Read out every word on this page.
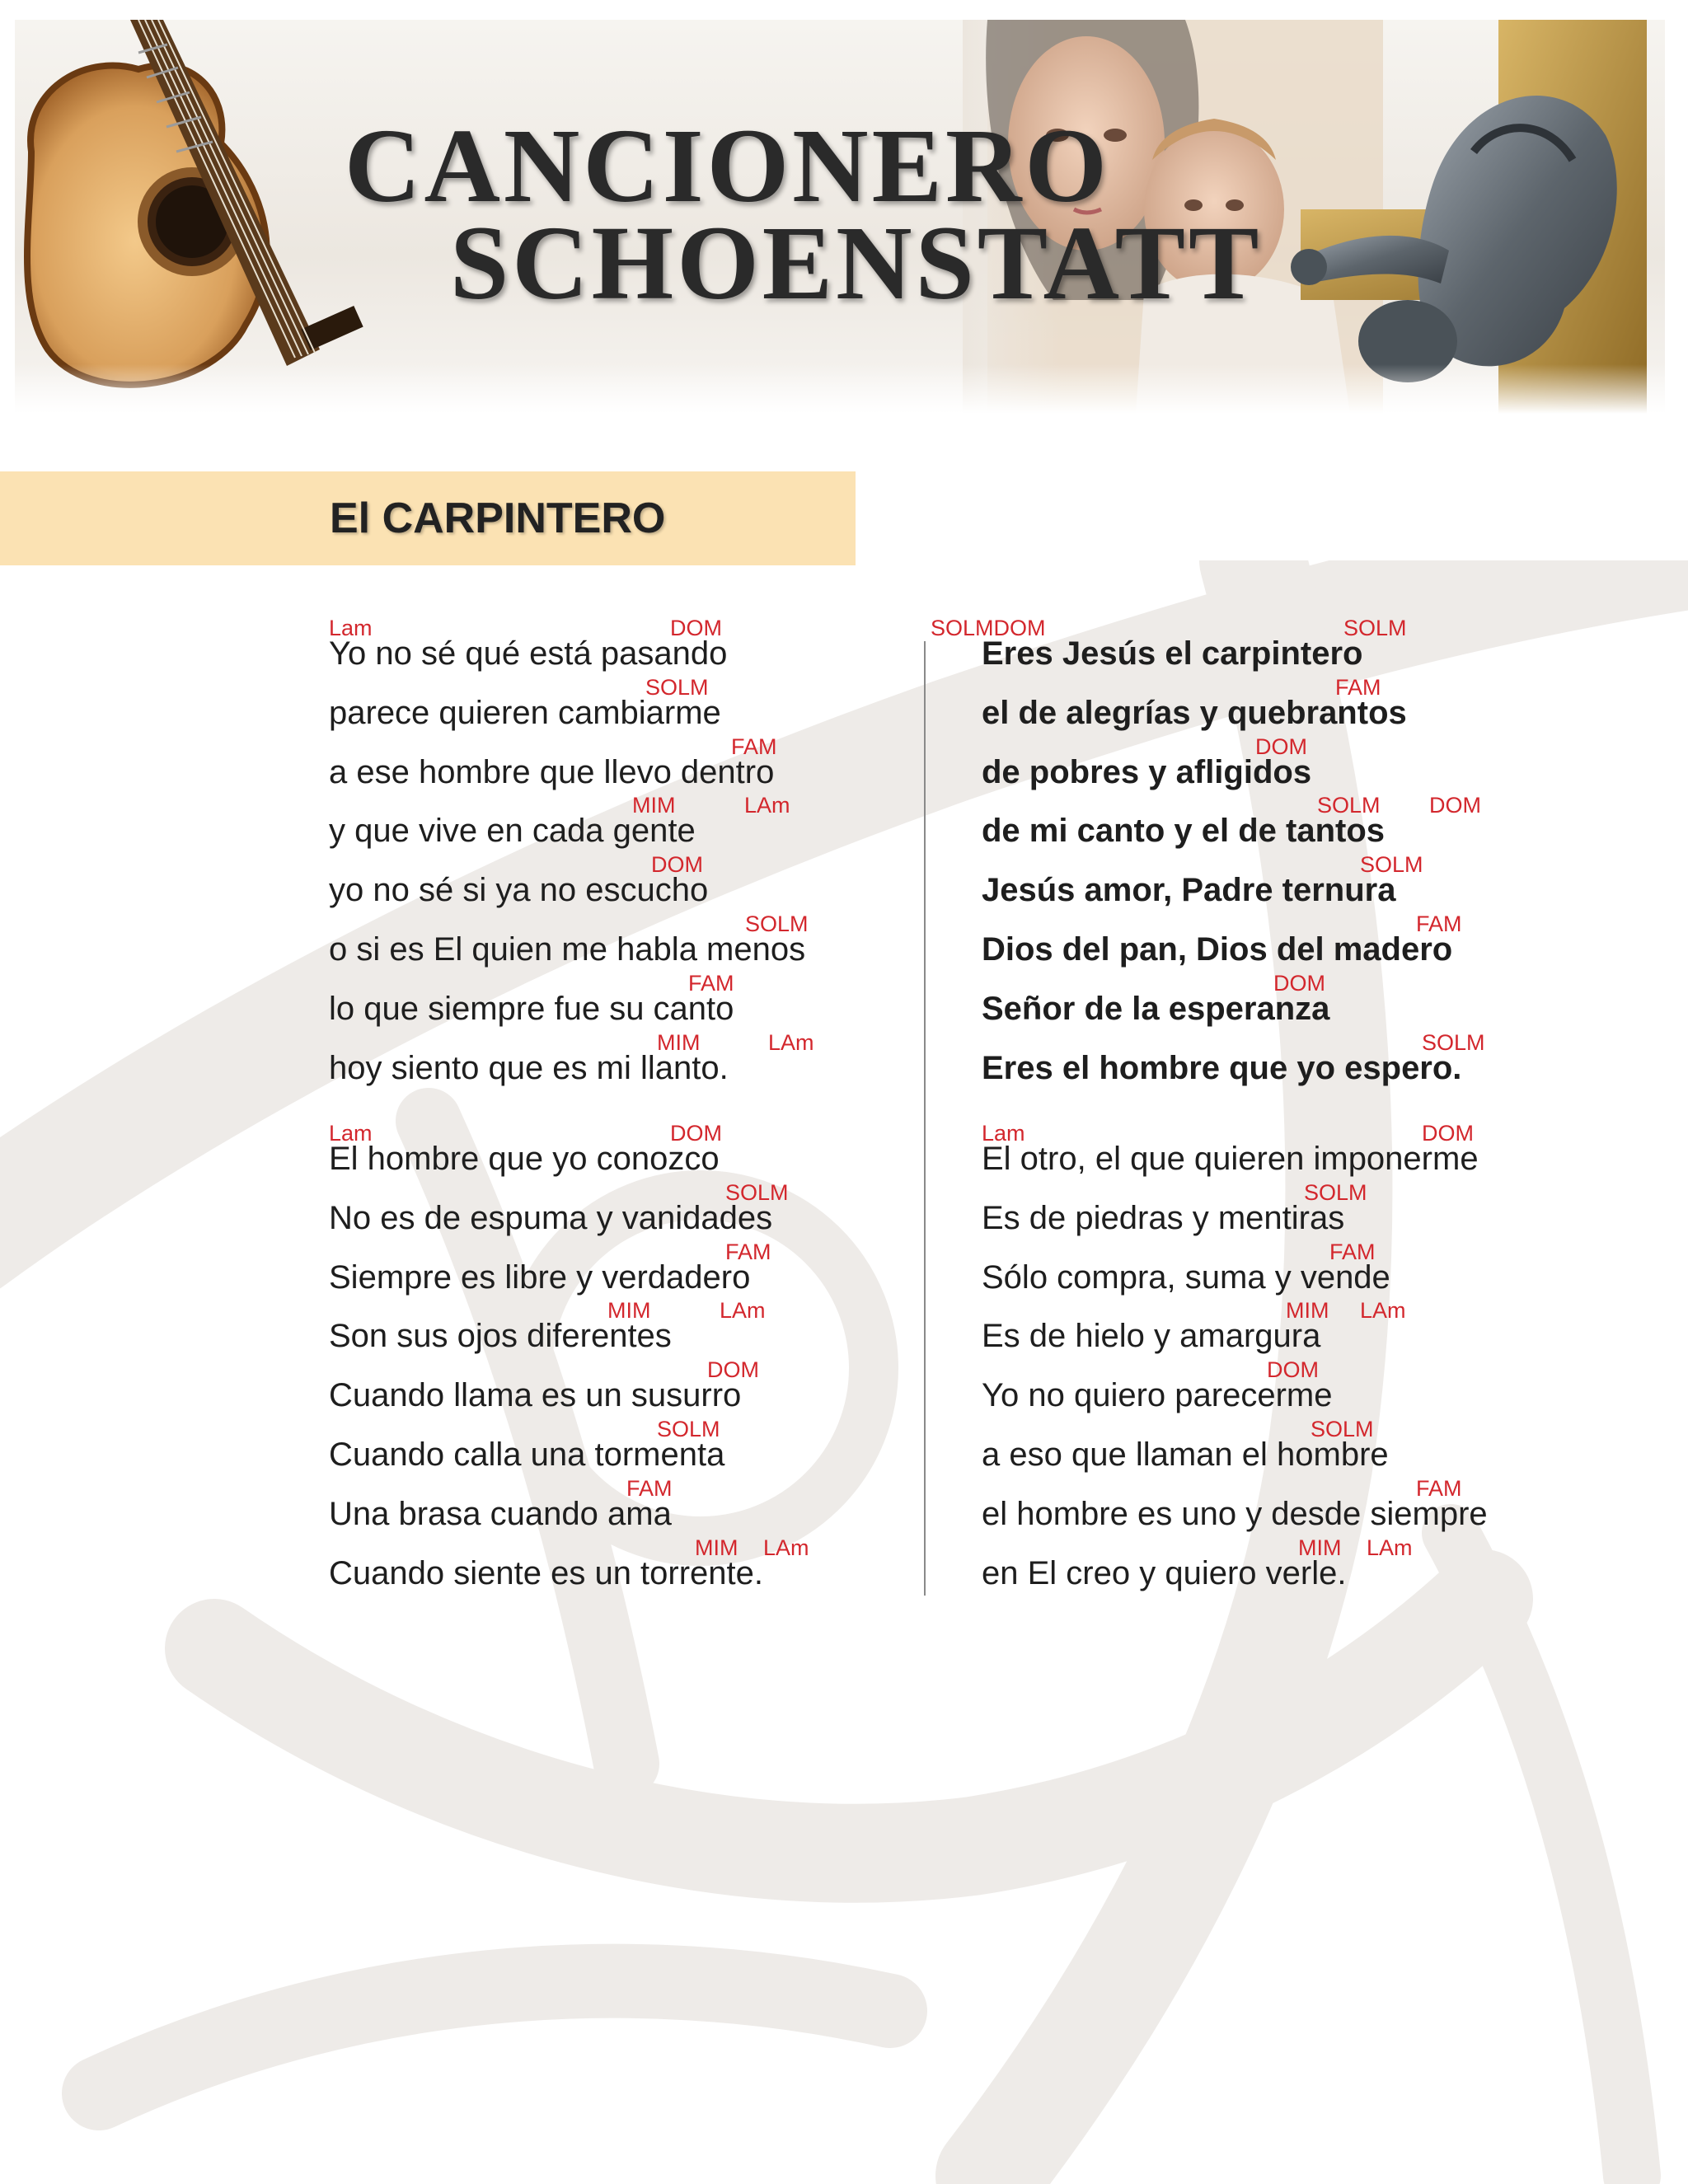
CANCIONERO
SCHOENSTATT
El CARPINTERO
Lam	DOM
Yo no sé qué está pasando
SOLM
parece quieren cambiarme
FAM
a ese hombre que llevo dentro
MIM	LAm
y que vive en cada gente
DOM
yo no sé si ya no escucho
SOLM
o si es El quien me habla menos
FAM
lo que siempre fue su canto
MIM	LAm
hoy siento que es mi llanto.
Lam	DOM
El hombre que yo conozco
SOLM
No es de espuma y vanidades
FAM
Siempre es libre y verdadero
MIM	LAm
Son sus ojos diferentes
DOM
Cuando llama es un susurro
SOLM
Cuando calla una tormenta
FAM
Una brasa cuando ama
MIM LAm
Cuando siente es un torrente.
SOLMDOM	SOLM
Eres Jesús el carpintero
FAM
el de alegrías y quebrantos
DOM
de pobres y afligidos
SOLM DOM
de mi canto y el de tantos
SOLM
Jesús amor, Padre ternura
FAM
Dios del pan, Dios del madero
DOM
Señor de la esperanza
SOLM
Eres el hombre que yo espero.
Lam	DOM
El otro, el que quieren imponerme
SOLM
Es de piedras y mentiras
FAM
Sólo compra, suma y vende
MIM LAm
Es de hielo y amargura
DOM
Yo no quiero parecerme
SOLM
a eso que llaman el hombre
FAM
el hombre es uno y desde siempre
MIM LAm
en El creo y quiero verle.
